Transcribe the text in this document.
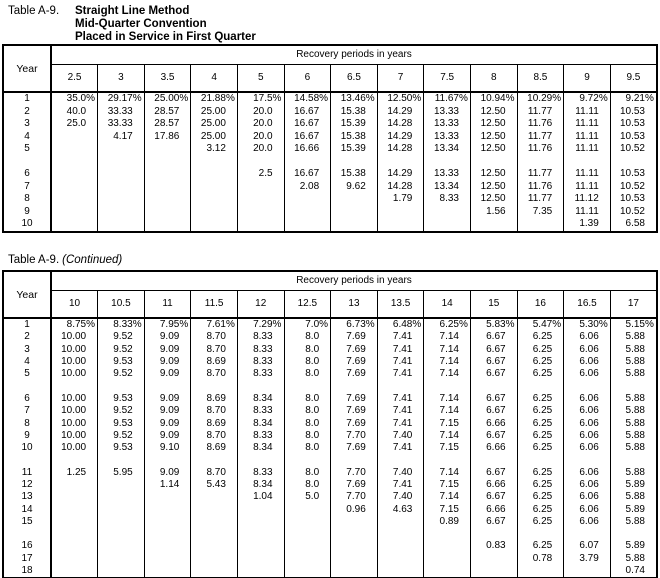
Table A-9.	Straight Line Method
Mid-Quarter Convention
Placed in Service in First Quarter
Year	Recovery periods in years												
	2.5	3	3.5	4	5	6	6.5	7	7.5	8	8.5	9	9.5
1	35.0%	29.17%	25.00%	21.88%	17.5%	14.58%	13.46%	12.50%	11.67%	10.94%	10.29%	9.72%	9.21%
2	40.0	33.33	28.57	25.00	20.0	16.67	15.38	14.29	13.33	12.50	11.77	11.11	10.53
3	25.0	33.33	28.57	25.00	20.0	16.67	15.39	14.28	13.33	12.50	11.76	11.11	10.53
4		4.17	17.86	25.00	20.0	16.67	15.38	14.29	13.33	12.50	11.77	11.11	10.53
5				3.12	20.0	16.66	15.39	14.28	13.34	12.50	11.76	11.11	10.52

6					2.5	16.67	15.38	14.29	13.33	12.50	11.77	11.11	10.53
7						2.08	9.62	14.28	13.34	12.50	11.76	11.11	10.52
8								1.79	8.33	12.50	11.77	11.12	10.53
9										1.56	7.35	11.11	10.52
10												1.39	6.58
Table A-9. (Continued)
Year	Recovery periods in years												
	10	10.5	11	11.5	12	12.5	13	13.5	14	15	16	16.5	17
1	8.75%	8.33%	7.95%	7.61%	7.29%	7.0%	6.73%	6.48%	6.25%	5.83%	5.47%	5.30%	5.15%
2	10.00	9.52	9.09	8.70	8.33	8.0	7.69	7.41	7.14	6.67	6.25	6.06	5.88
3	10.00	9.52	9.09	8.70	8.33	8.0	7.69	7.41	7.14	6.67	6.25	6.06	5.88
4	10.00	9.53	9.09	8.69	8.33	8.0	7.69	7.41	7.14	6.67	6.25	6.06	5.88
5	10.00	9.52	9.09	8.70	8.33	8.0	7.69	7.41	7.14	6.67	6.25	6.06	5.88

6	10.00	9.53	9.09	8.69	8.34	8.0	7.69	7.41	7.14	6.67	6.25	6.06	5.88
7	10.00	9.52	9.09	8.70	8.33	8.0	7.69	7.41	7.14	6.67	6.25	6.06	5.88
8	10.00	9.53	9.09	8.69	8.34	8.0	7.69	7.41	7.15	6.66	6.25	6.06	5.88
9	10.00	9.52	9.09	8.70	8.33	8.0	7.70	7.40	7.14	6.67	6.25	6.06	5.88
10	10.00	9.53	9.10	8.69	8.34	8.0	7.69	7.41	7.15	6.66	6.25	6.06	5.88

11	1.25	5.95	9.09	8.70	8.33	8.0	7.70	7.40	7.14	6.67	6.25	6.06	5.88
12			1.14	5.43	8.34	8.0	7.69	7.41	7.15	6.66	6.25	6.06	5.89
13					1.04	5.0	7.70	7.40	7.14	6.67	6.25	6.06	5.88
14							0.96	4.63	7.15	6.66	6.25	6.06	5.89
15									0.89	6.67	6.25	6.06	5.88

16										0.83	6.25	6.07	5.89
17											0.78	3.79	5.88
18													0.74
